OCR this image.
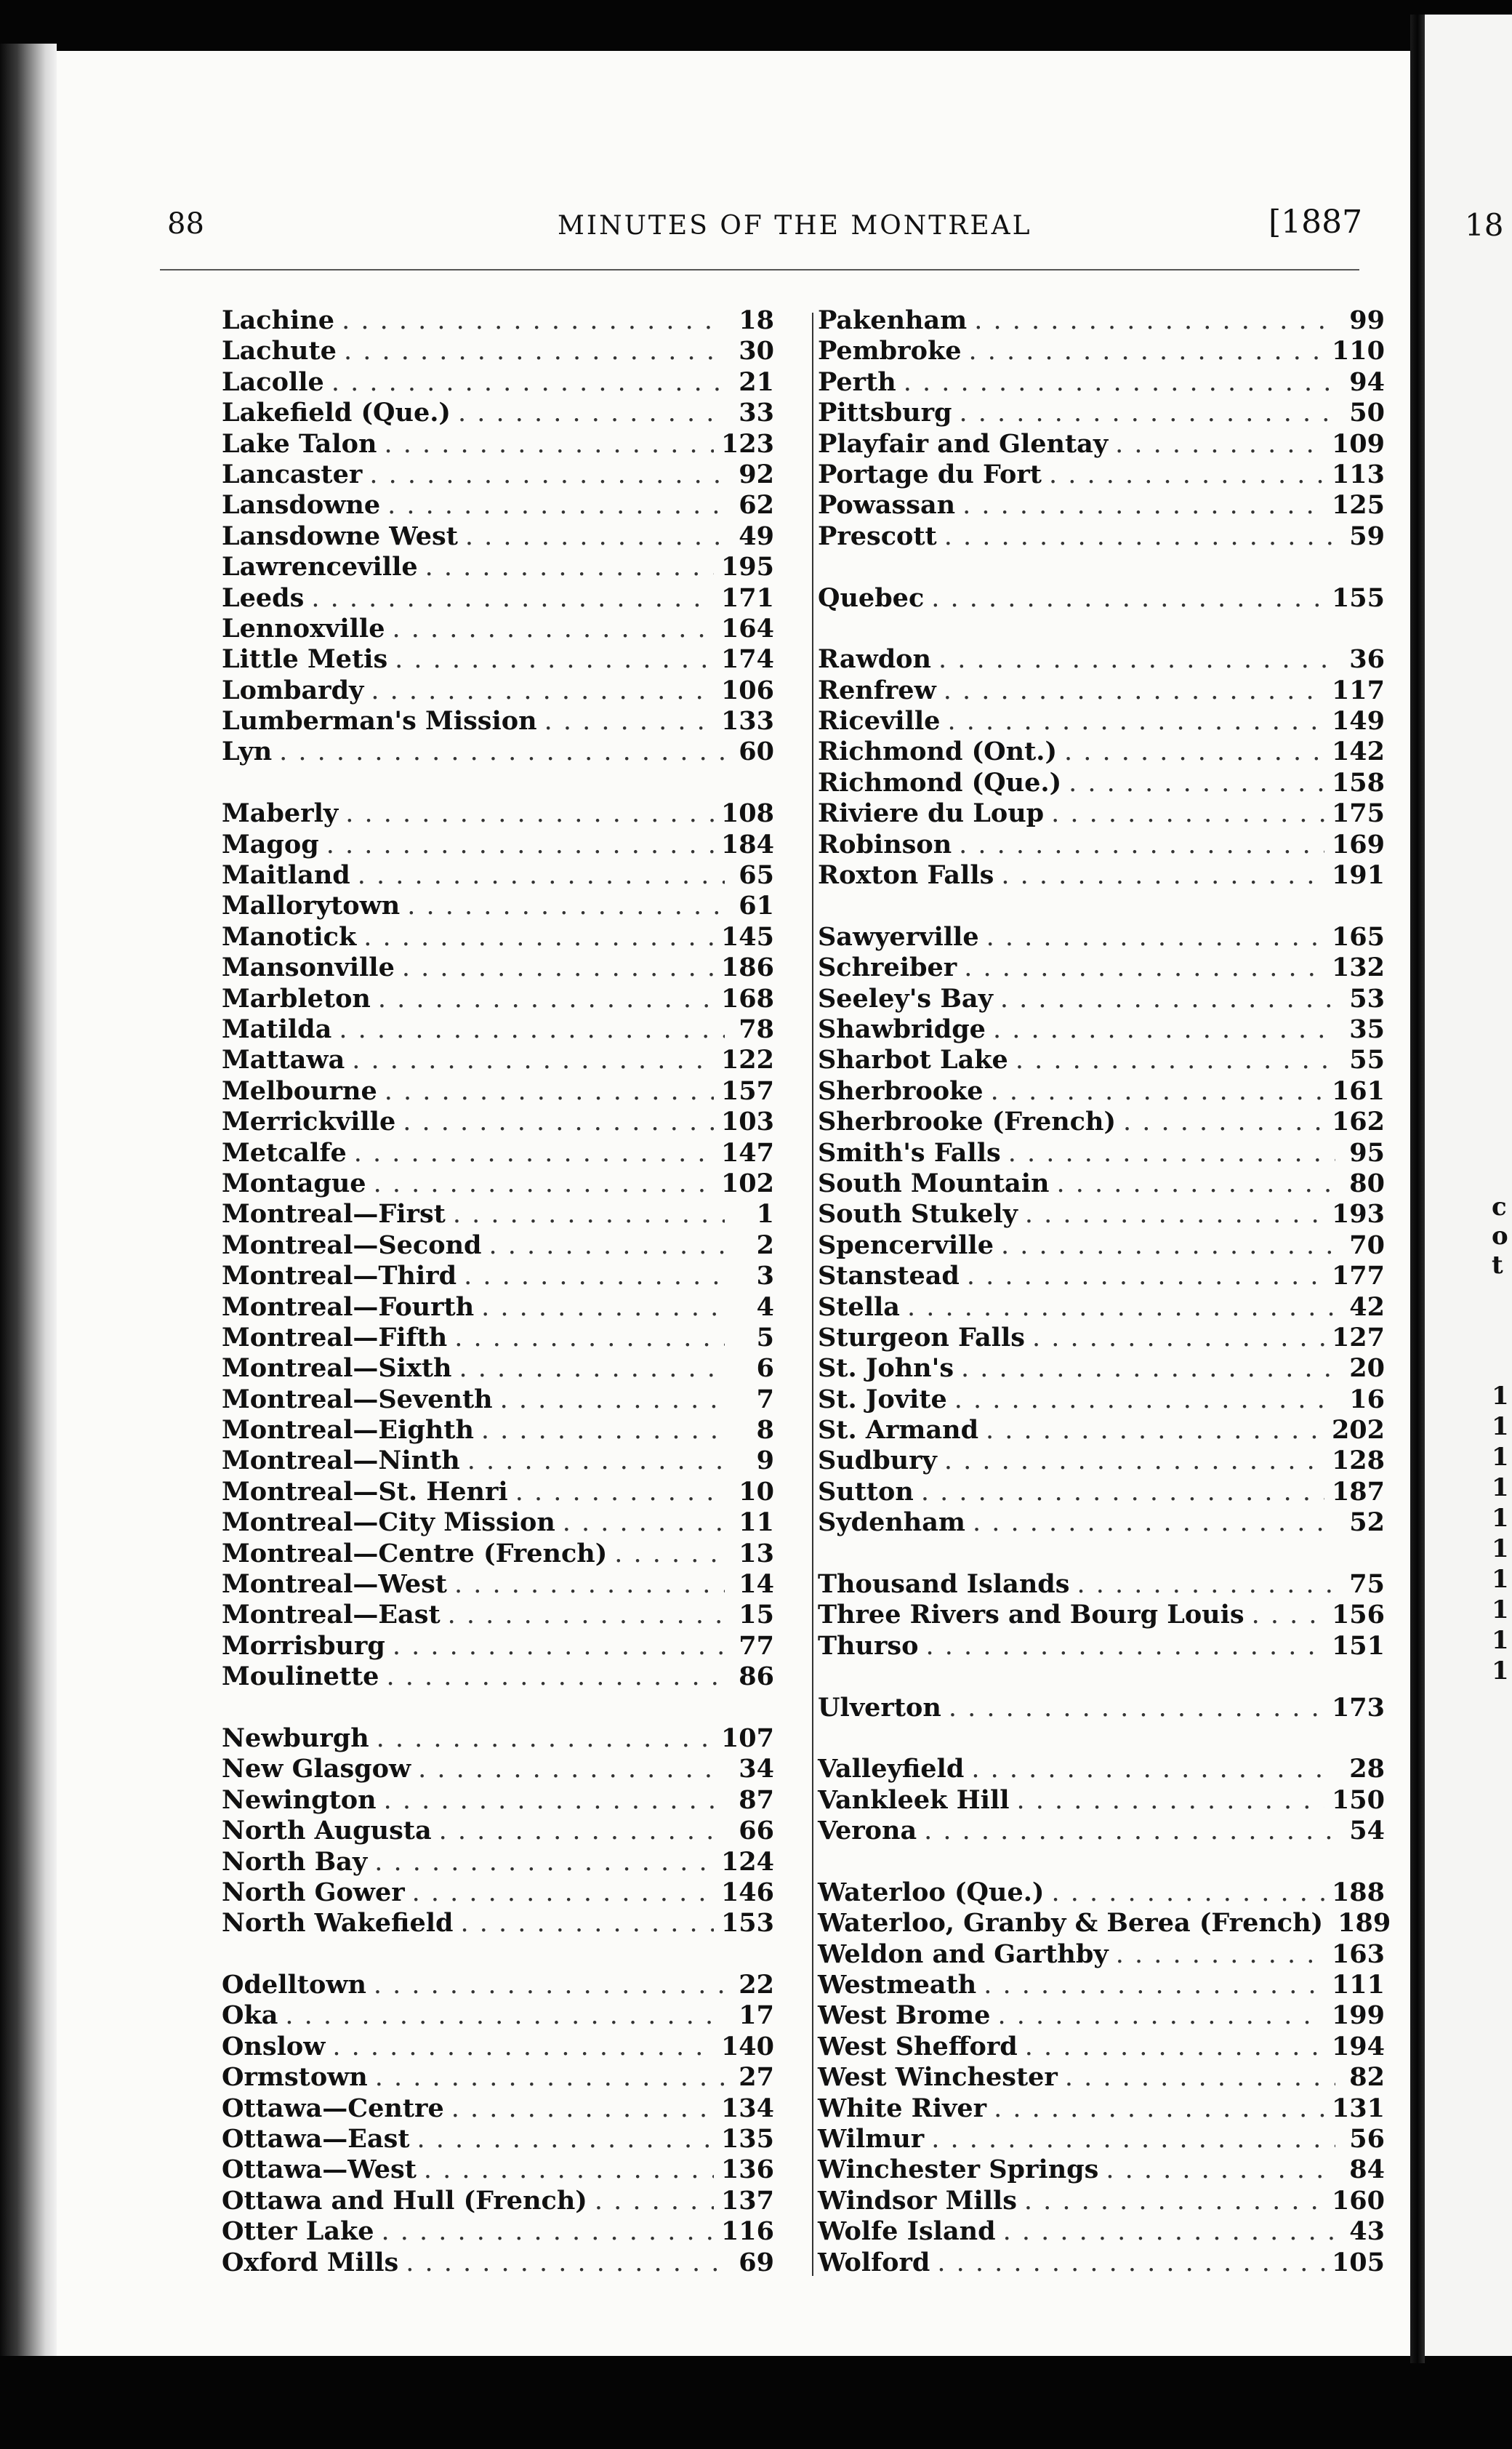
88	MINUTES OF THE MONTREAL	[1887	18
Lachine . . .	18
Lachute . . .	30
Lacolle . . .	21
Lakefield (Que.) . . .	33
Lake Talon . . .	123
Lancaster . . .	92
Lansdowne . . .	62
Lansdowne West . . .	49
Lawrenceville . . .	195
Leeds . . .	171
Lennoxville . . .	164
Little Metis . . .	174
Lombardy . . .	106
Lumberman's Mission . . .	133
Lyn . . .	60
Maberly . . .	108
Magog . . .	184
Maitland . . .	65
Mallorytown . . .	61
Manotick . . .	145
Mansonville . . .	186
Marbleton . . .	168
Matilda . . .	78
Mattawa . . .	122
Melbourne . . .	157
Merrickville . . .	103
Metcalfe . . .	147
Montague . . .	102
Montreal—First . . .	1
Montreal—Second . . .	2
Montreal—Third . . .	3
Montreal—Fourth . . .	4
Montreal—Fifth . . .	5
Montreal—Sixth . . .	6
Montreal—Seventh . . .	7
Montreal—Eighth . . .	8
Montreal—Ninth . . .	9
Montreal—St. Henri . . .	10
Montreal—City Mission . . .	11
Montreal—Centre (French) . . .	13
Montreal—West . . .	14
Montreal—East . . .	15
Morrisburg . . .	77
Moulinette . . .	86
Newburgh . . .	107
New Glasgow . . .	34
Newington . . .	87
North Augusta . . .	66
North Bay . . .	124
North Gower . . .	146
North Wakefield . . .	153
Odelltown . . .	22
Oka . . .	17
Onslow . . .	140
Ormstown . . .	27
Ottawa—Centre . . .	134
Ottawa—East . . .	135
Ottawa—West . . .	136
Ottawa and Hull (French) . . .	137
Otter Lake . . .	116
Oxford Mills . . .	69
Pakenham . . .	99
Pembroke . . .	110
Perth . . .	94
Pittsburg . . .	50
Playfair and Glentay . . .	109
Portage du Fort . . .	113
Powassan . . .	125
Prescott . . .	59
Quebec . . .	155
Rawdon . . .	36
Renfrew . . .	117
Riceville . . .	149
Richmond (Ont.) . . .	142
Richmond (Que.) . . .	158
Riviere du Loup . . .	175
Robinson . . .	169
Roxton Falls . . .	191
Sawyerville . . .	165
Schreiber . . .	132
Seeley's Bay . . .	53
Shawbridge . . .	35
Sharbot Lake . . .	55
Sherbrooke . . .	161
Sherbrooke (French) . . .	162
Smith's Falls . . .	95
South Mountain . . .	80
South Stukely . . .	193
Spencerville . . .	70
Stanstead . . .	177
Stella . . .	42
Sturgeon Falls . . .	127
St. John's . . .	20
St. Jovite . . .	16
St. Armand . . .	202
Sudbury . . .	128
Sutton . . .	187
Sydenham . . .	52
Thousand Islands . . .	75
Three Rivers and Bourg Louis . . .	156
Thurso . . .	151
Ulverton . . .	173
Valleyfield . . .	28
Vankleek Hill . . .	150
Verona . . .	54
Waterloo (Que.) . . .	188
Waterloo, Granby & Berea (French) 189
Weldon and Garthby . . .	163
Westmeath . . .	111
West Brome . . .	199
West Shefford . . .	194
West Winchester . . .	82
White River . . .	131
Wilmur . . .	56
Winchester Springs . . .	84
Windsor Mills . . .	160
Wolfe Island . . .	43
Wolford . . .	105
c
o
t
1
1
1
1
1
1
1
1
1
1
